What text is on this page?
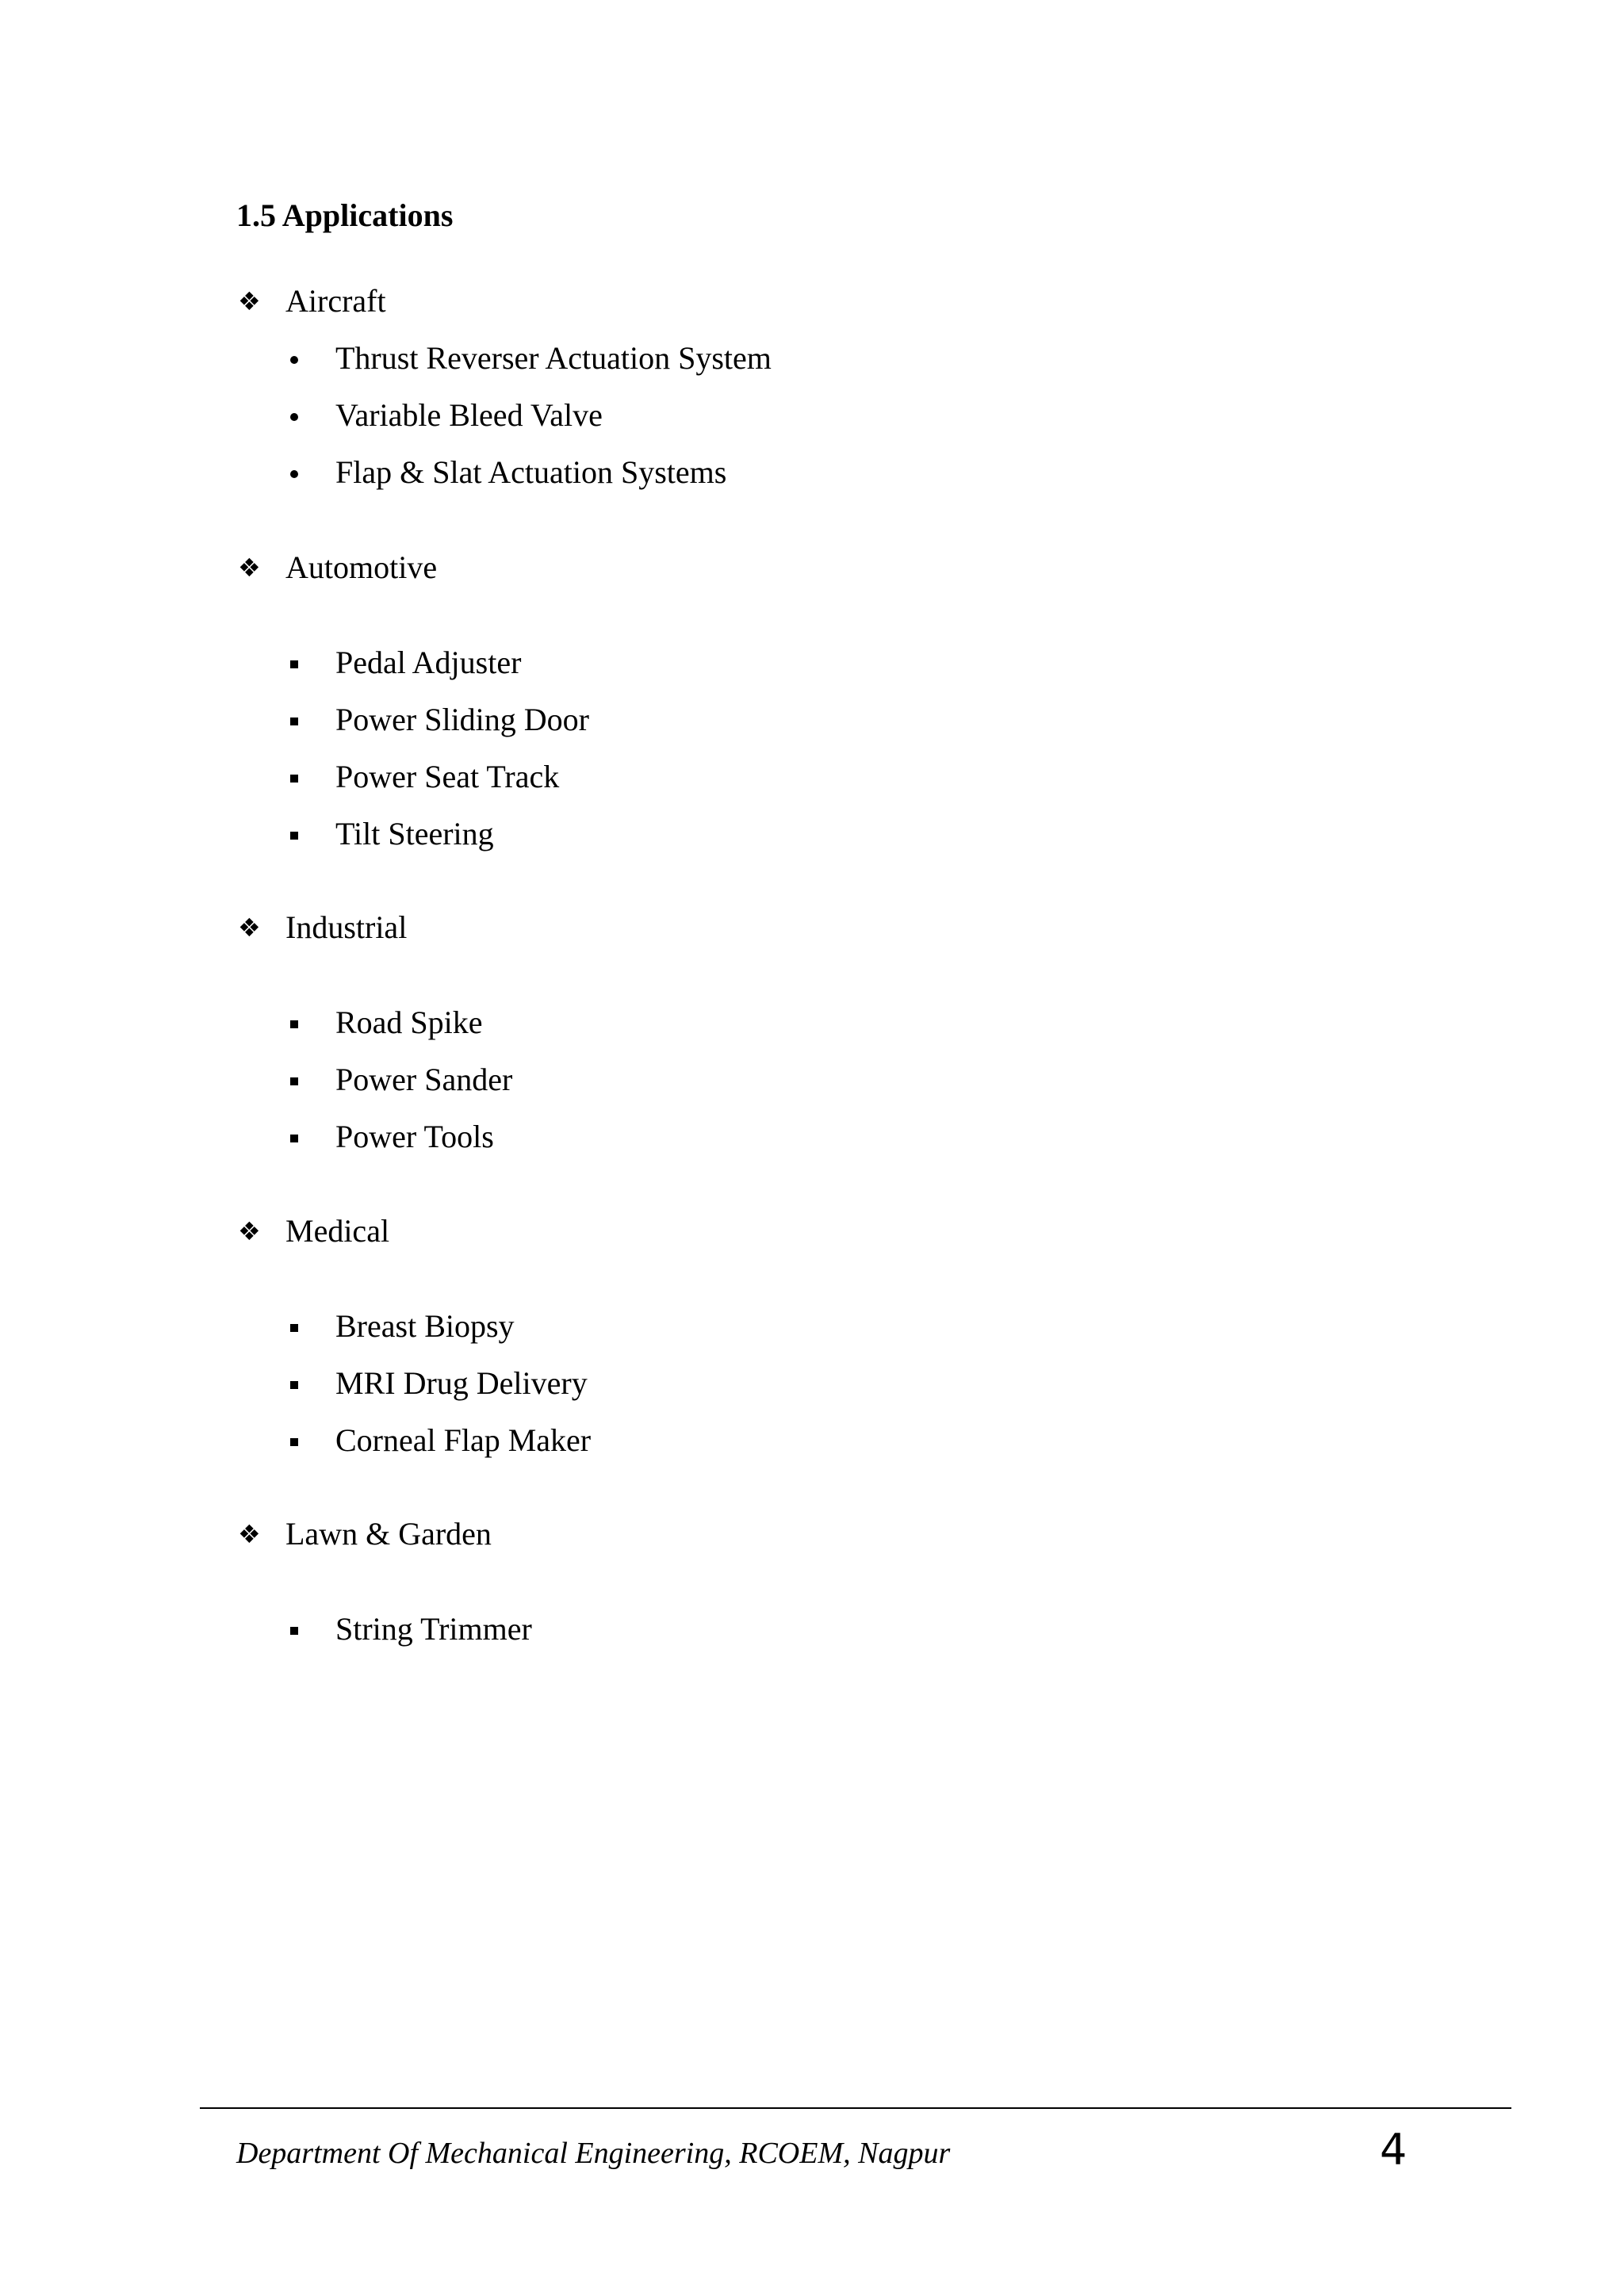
1.5 Applications
❖ Aircraft
Thrust Reverser Actuation System
Variable Bleed Valve
Flap & Slat Actuation Systems
❖ Automotive
Pedal Adjuster
Power Sliding Door
Power Seat Track
Tilt Steering
❖ Industrial
Road Spike
Power Sander
Power Tools
❖ Medical
Breast Biopsy
MRI Drug Delivery
Corneal Flap Maker
❖ Lawn & Garden
String Trimmer
Department Of Mechanical Engineering, RCOEM, Nagpur	4
